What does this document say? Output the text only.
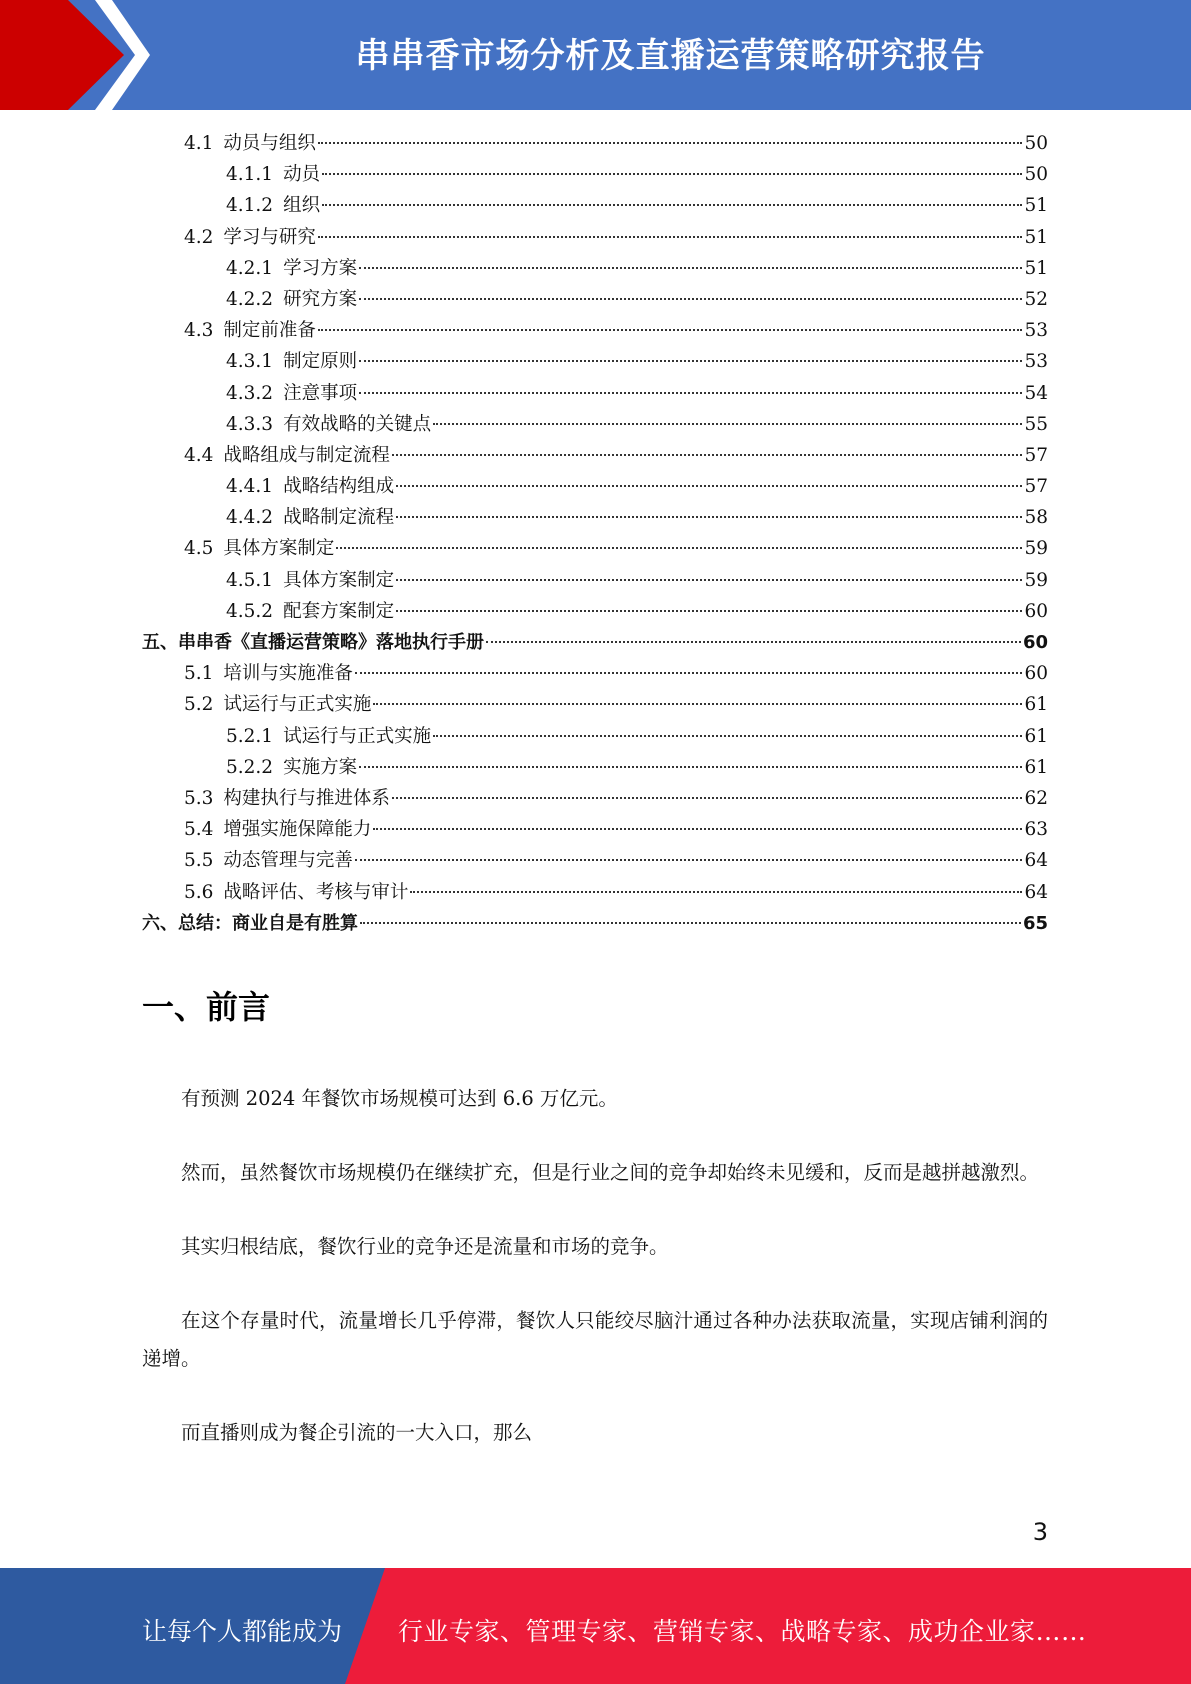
串串香市场分析及直播运营策略研究报告
4.1 动员与组织	50
4.1.1 动员	50
4.1.2 组织	51
4.2 学习与研究	51
4.2.1 学习方案	51
4.2.2 研究方案	52
4.3 制定前准备	53
4.3.1 制定原则	53
4.3.2 注意事项	54
4.3.3 有效战略的关键点	55
4.4 战略组成与制定流程	57
4.4.1 战略结构组成	57
4.4.2 战略制定流程	58
4.5 具体方案制定	59
4.5.1 具体方案制定	59
4.5.2 配套方案制定	60
五、串串香《直播运营策略》落地执行手册	60
5.1 培训与实施准备	60
5.2 试运行与正式实施	61
5.2.1 试运行与正式实施	61
5.2.2 实施方案	61
5.3 构建执行与推进体系	62
5.4 增强实施保障能力	63
5.5 动态管理与完善	64
5.6 战略评估、考核与审计	64
六、总结：商业自是有胜算	65
一、前言

有预测 2024 年餐饮市场规模可达到 6.6 万亿元。

然而，虽然餐饮市场规模仍在继续扩充，但是行业之间的竞争却始终未见缓和，反而是越拼越激烈。

其实归根结底，餐饮行业的竞争还是流量和市场的竞争。

在这个存量时代，流量增长几乎停滞，餐饮人只能绞尽脑汁通过各种办法获取流量，实现店铺利润的递增。

而直播则成为餐企引流的一大入口，那么

3
让每个人都能成为 行业专家、管理专家、营销专家、战略专家、成功企业家……
